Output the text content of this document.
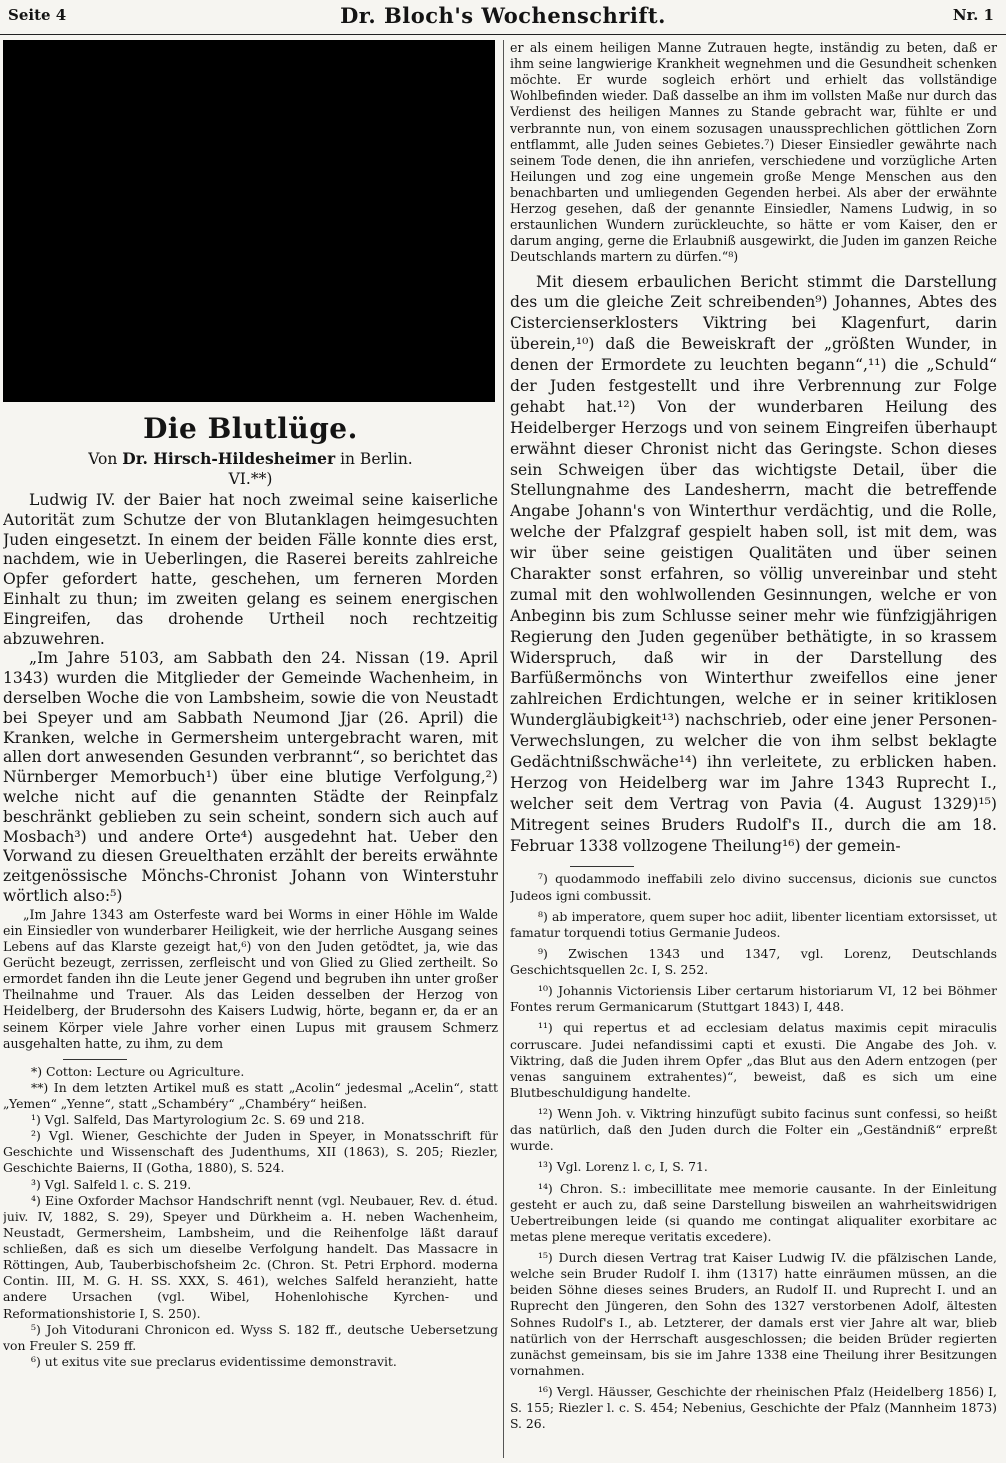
Seite 4	Dr. Bloch's Wochenschrift.	Nr. 1
Die Blutlüge.

Von Dr. Hirsch-Hildesheimer in Berlin.

VI.**)

Ludwig IV. der Baier hat noch zweimal seine kaiserliche Autorität zum Schutze der von Blutanklagen heimgesuchten Juden eingesetzt. In einem der beiden Fälle konnte dies erst, nachdem, wie in Ueberlingen, die Raserei bereits zahlreiche Opfer gefordert hatte, geschehen, um ferneren Morden Einhalt zu thun; im zweiten gelang es seinem energischen Eingreifen, das drohende Urtheil noch rechtzeitig abzuwehren.

„Im Jahre 5103, am Sabbath den 24. Nissan (19. April 1343) wurden die Mitglieder der Gemeinde Wachenheim, in derselben Woche die von Lambsheim, sowie die von Neustadt bei Speyer und am Sabbath Neumond Jjar (26. April) die Kranken, welche in Germersheim untergebracht waren, mit allen dort anwesenden Gesunden verbrannt“, so berichtet das Nürnberger Memorbuch¹) über eine blutige Verfolgung,²) welche nicht auf die genannten Städte der Reinpfalz beschränkt geblieben zu sein scheint, sondern sich auch auf Mosbach³) und andere Orte⁴) ausgedehnt hat. Ueber den Vorwand zu diesen Greuelthaten erzählt der bereits erwähnte zeitgenössische Mönchs-Chronist Johann von Winterstuhr wörtlich also:⁵)

„Im Jahre 1343 am Osterfeste ward bei Worms in einer Höhle im Walde ein Einsiedler von wunderbarer Heiligkeit, wie der herrliche Ausgang seines Lebens auf das Klarste gezeigt hat,⁶) von den Juden getödtet, ja, wie das Gerücht bezeugt, zerrissen, zerfleischt und von Glied zu Glied zertheilt. So ermordet fanden ihn die Leute jener Gegend und begruben ihn unter großer Theilnahme und Trauer. Als das Leiden desselben der Herzog von Heidelberg, der Brudersohn des Kaisers Ludwig, hörte, begann er, da er an seinem Körper viele Jahre vorher einen Lupus mit grausem Schmerz ausgehalten hatte, zu ihm, zu dem

*) Cotton: Lecture ou Agriculture.

**) In dem letzten Artikel muß es statt „Acolin“ jedesmal „Acelin“, statt „Yemen“ „Yenne“, statt „Schambéry“ „Chambéry“ heißen.

¹) Vgl. Salfeld, Das Martyrologium 2c. S. 69 und 218.

²) Vgl. Wiener, Geschichte der Juden in Speyer, in Monatsschrift für Geschichte und Wissenschaft des Judenthums, XII (1863), S. 205; Riezler, Geschichte Baierns, II (Gotha, 1880), S. 524.

³) Vgl. Salfeld l. c. S. 219.

⁴) Eine Oxforder Machsor Handschrift nennt (vgl. Neubauer, Rev. d. étud. juiv. IV, 1882, S. 29), Speyer und Dürkheim a. H. neben Wachenheim, Neustadt, Germersheim, Lambsheim, und die Reihenfolge läßt darauf schließen, daß es sich um dieselbe Verfolgung handelt. Das Massacre in Röttingen, Aub, Tauberbischofsheim 2c. (Chron. St. Petri Erphord. moderna Contin. III, M. G. H. SS. XXX, S. 461), welches Salfeld heranzieht, hatte andere Ursachen (vgl. Wibel, Hohenlohische Kyrchen- und Reformationshistorie I, S. 250).

⁵) Joh Vitodurani Chronicon ed. Wyss S. 182 ff., deutsche Uebersetzung von Freuler S. 259 ff.

⁶) ut exitus vite sue preclarus evidentissime demonstravit.

er als einem heiligen Manne Zutrauen hegte, inständig zu beten, daß er ihm seine langwierige Krankheit wegnehmen und die Gesundheit schenken möchte. Er wurde sogleich erhört und erhielt das vollständige Wohlbefinden wieder. Daß dasselbe an ihm im vollsten Maße nur durch das Verdienst des heiligen Mannes zu Stande gebracht war, fühlte er und verbrannte nun, von einem sozusagen unaussprechlichen göttlichen Zorn entflammt, alle Juden seines Gebietes.⁷) Dieser Einsiedler gewährte nach seinem Tode denen, die ihn anriefen, verschiedene und vorzügliche Arten Heilungen und zog eine ungemein große Menge Menschen aus den benachbarten und umliegenden Gegenden herbei. Als aber der erwähnte Herzog gesehen, daß der genannte Einsiedler, Namens Ludwig, in so erstaunlichen Wundern zurückleuchte, so hätte er vom Kaiser, den er darum anging, gerne die Erlaubniß ausgewirkt, die Juden im ganzen Reiche Deutschlands martern zu dürfen.“⁸)

Mit diesem erbaulichen Bericht stimmt die Darstellung des um die gleiche Zeit schreibenden⁹) Johannes, Abtes des Cistercienserklosters Viktring bei Klagenfurt, darin überein,¹⁰) daß die Beweiskraft der „größten Wunder, in denen der Ermordete zu leuchten begann“,¹¹) die „Schuld“ der Juden festgestellt und ihre Verbrennung zur Folge gehabt hat.¹²) Von der wunderbaren Heilung des Heidelberger Herzogs und von seinem Eingreifen überhaupt erwähnt dieser Chronist nicht das Geringste. Schon dieses sein Schweigen über das wichtigste Detail, über die Stellungnahme des Landesherrn, macht die betreffende Angabe Johann's von Winterthur verdächtig, und die Rolle, welche der Pfalzgraf gespielt haben soll, ist mit dem, was wir über seine geistigen Qualitäten und über seinen Charakter sonst erfahren, so völlig unvereinbar und steht zumal mit den wohlwollenden Gesinnungen, welche er von Anbeginn bis zum Schlusse seiner mehr wie fünfzigjährigen Regierung den Juden gegenüber bethätigte, in so krassem Widerspruch, daß wir in der Darstellung des Barfüßermönchs von Winterthur zweifellos eine jener zahlreichen Erdichtungen, welche er in seiner kritiklosen Wundergläubigkeit¹³) nachschrieb, oder eine jener Personen-Verwechslungen, zu welcher die von ihm selbst beklagte Gedächtnißschwäche¹⁴) ihn verleitete, zu erblicken haben. Herzog von Heidelberg war im Jahre 1343 Ruprecht I., welcher seit dem Vertrag von Pavia (4. August 1329)¹⁵) Mitregent seines Bruders Rudolf's II., durch die am 18. Februar 1338 vollzogene Theilung¹⁶) der gemein-

⁷) quodammodo ineffabili zelo divino succensus, dicionis sue cunctos Judeos igni combussit.

⁸) ab imperatore, quem super hoc adiit, libenter licentiam extorsisset, ut famatur torquendi totius Germanie Judeos.

⁹) Zwischen 1343 und 1347, vgl. Lorenz, Deutschlands Geschichtsquellen 2c. I, S. 252.

¹⁰) Johannis Victoriensis Liber certarum historiarum VI, 12 bei Böhmer Fontes rerum Germanicarum (Stuttgart 1843) I, 448.

¹¹) qui repertus et ad ecclesiam delatus maximis cepit miraculis corruscare. Judei nefandissimi capti et exusti. Die Angabe des Joh. v. Viktring, daß die Juden ihrem Opfer „das Blut aus den Adern entzogen (per venas sanguinem extrahentes)“, beweist, daß es sich um eine Blutbeschuldigung handelte.

¹²) Wenn Joh. v. Viktring hinzufügt subito facinus sunt confessi, so heißt das natürlich, daß den Juden durch die Folter ein „Geständniß“ erpreßt wurde.

¹³) Vgl. Lorenz l. c, I, S. 71.

¹⁴) Chron. S.: imbecillitate mee memorie causante. In der Einleitung gesteht er auch zu, daß seine Darstellung bisweilen an wahrheitswidrigen Uebertreibungen leide (si quando me contingat aliqualiter exorbitare ac metas plene mereque veritatis excedere).

¹⁵) Durch diesen Vertrag trat Kaiser Ludwig IV. die pfälzischen Lande, welche sein Bruder Rudolf I. ihm (1317) hatte einräumen müssen, an die beiden Söhne dieses seines Bruders, an Rudolf II. und Ruprecht I. und an Ruprecht den Jüngeren, den Sohn des 1327 verstorbenen Adolf, ältesten Sohnes Rudolf's I., ab. Letzterer, der damals erst vier Jahre alt war, blieb natürlich von der Herrschaft ausgeschlossen; die beiden Brüder regierten zunächst gemeinsam, bis sie im Jahre 1338 eine Theilung ihrer Besitzungen vornahmen.

¹⁶) Vergl. Häusser, Geschichte der rheinischen Pfalz (Heidelberg 1856) I, S. 155; Riezler l. c. S. 454; Nebenius, Geschichte der Pfalz (Mannheim 1873) S. 26.
